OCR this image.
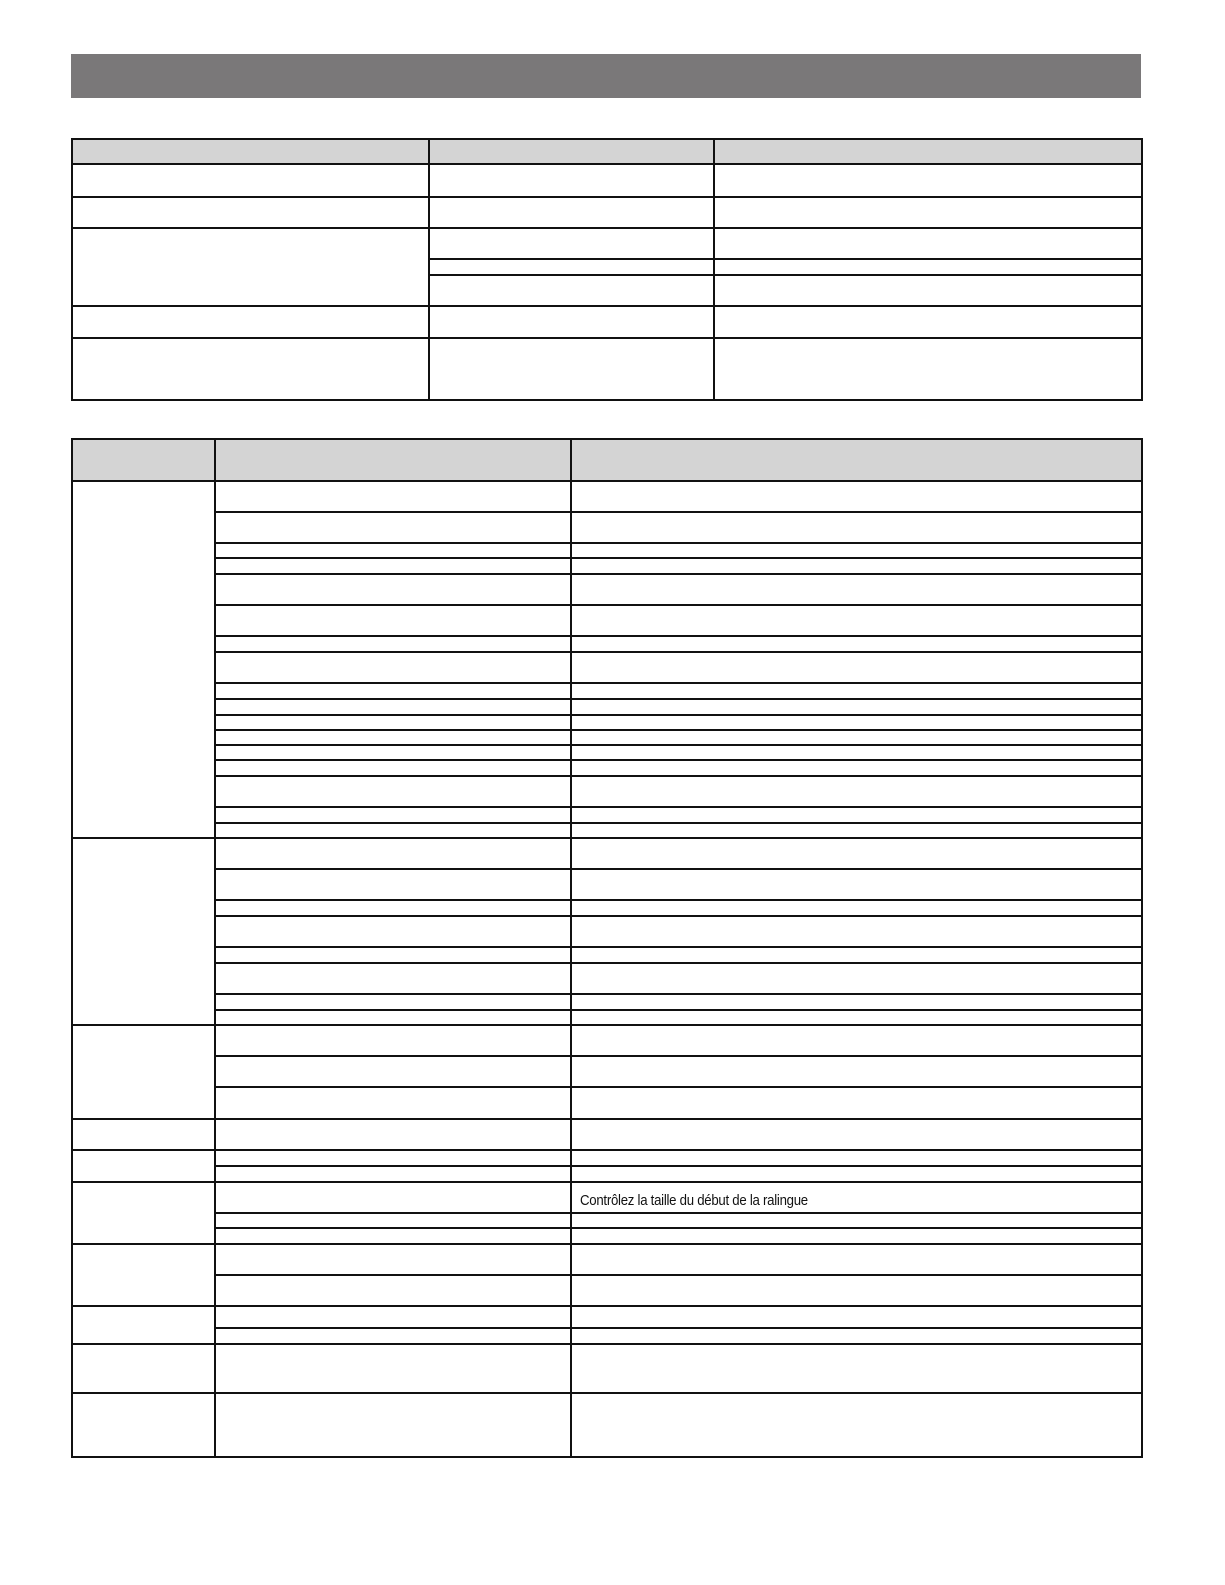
		Contrôlez la taille du début de la ralingue
